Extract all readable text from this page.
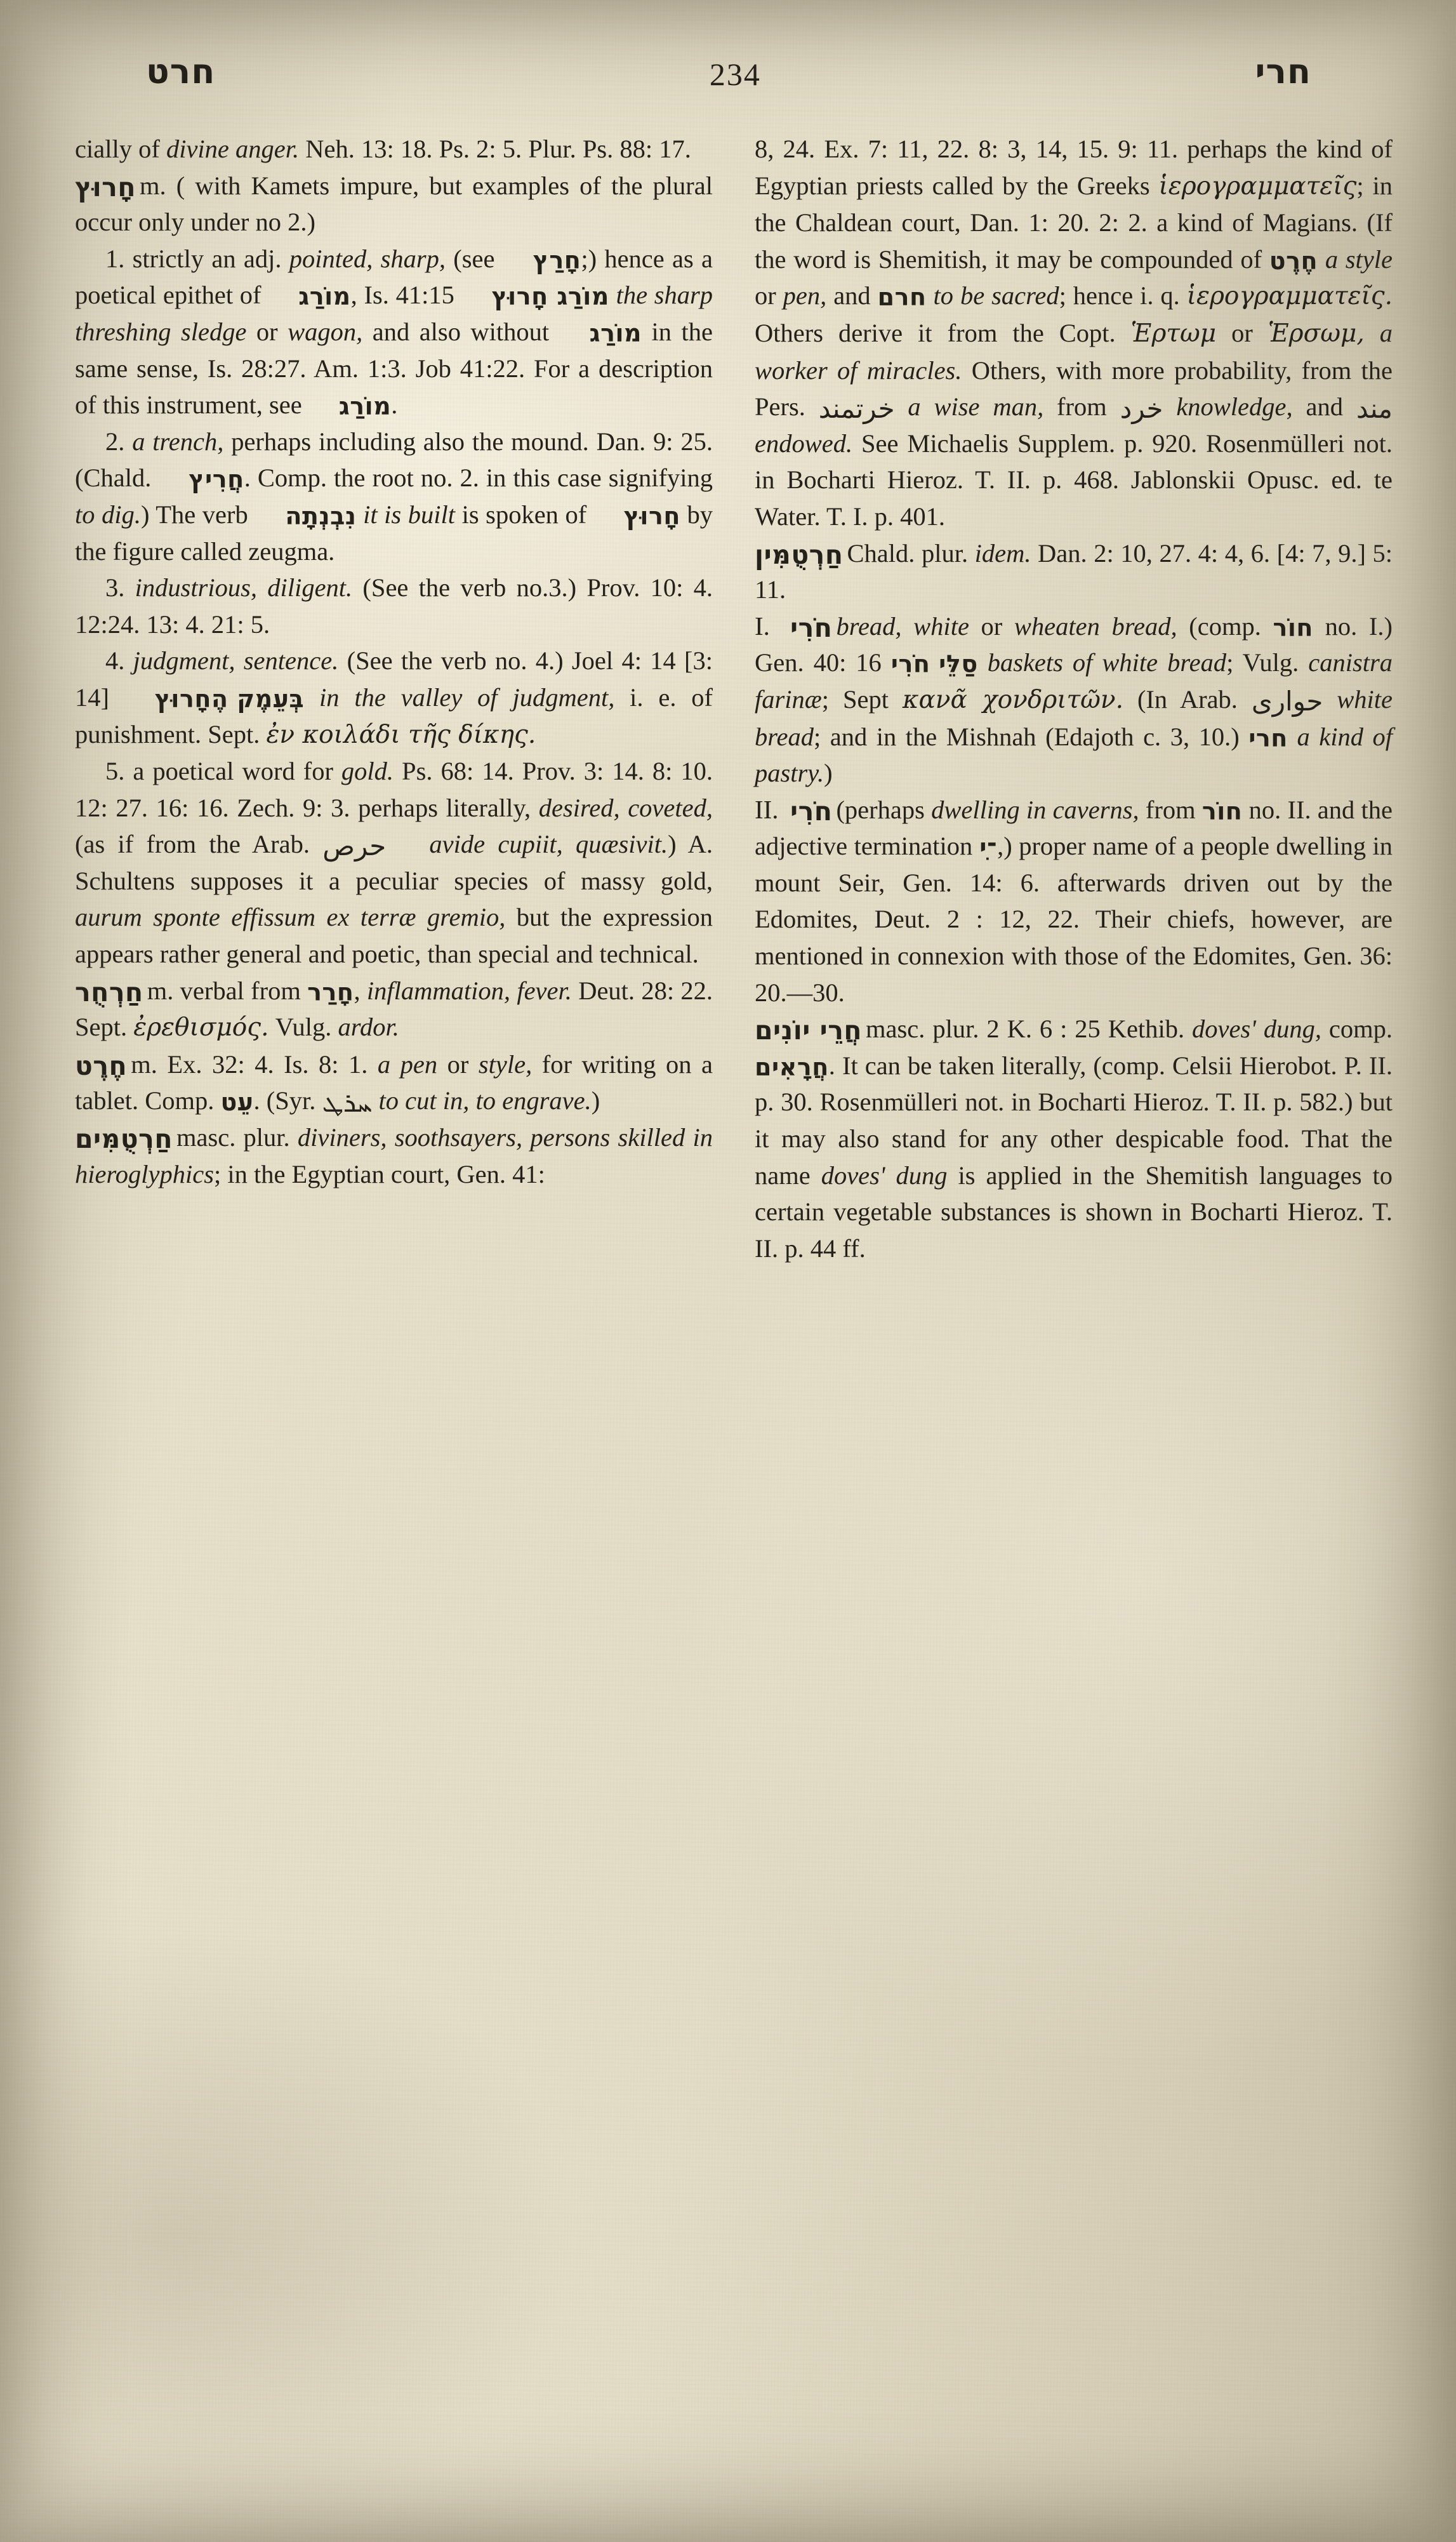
חרט	234	חרי

cially of divine anger. Neh. 13: 18. Ps. 2: 5. Plur. Ps. 88: 17.

חָרוּץ m. ( with Kamets impure, but examples of the plural occur only under no 2.)

1. strictly an adj. pointed, sharp, (see חָרַץ;) hence as a poetical epithet of מוֹרַג, Is. 41:15 מוֹרַג חָרוּץ the sharp threshing sledge or wagon, and also without מוֹרַג in the same sense, Is. 28:27. Am. 1:3. Job 41:22. For a description of this instrument, see מוֹרַג.

2. a trench, perhaps including also the mound. Dan. 9: 25. (Chald. חֲרִיץ. Comp. the root no. 2. in this case signifying to dig.) The verb נִבְנְתָה it is built is spoken of חָרוּץ by the figure called zeugma.

3. industrious, diligent. (See the verb no.3.) Prov. 10: 4. 12:24. 13: 4. 21: 5.

4. judgment, sentence. (See the verb no. 4.) Joel 4: 14 [3: 14] בְּעֵמֶק הֶחָרוּץ in the valley of judgment, i. e. of punishment. Sept. ἐν κοιλάδι τῆς δίκης.

5. a poetical word for gold. Ps. 68: 14. Prov. 3: 14. 8: 10. 12: 27. 16: 16. Zech. 9: 3. perhaps literally, desired, coveted, (as if from the Arab. حرص avide cupiit, quæsivit.) A. Schultens supposes it a peculiar species of massy gold, aurum sponte effissum ex terræ gremio, but the expression appears rather general and poetic, than special and technical.

חַרְחֻר m. verbal from חָרַר, inflammation, fever. Deut. 28: 22. Sept. ἐρεθισμός. Vulg. ardor.

חֶרֶט m. Ex. 32: 4. Is. 8: 1. a pen or style, for writing on a tablet. Comp. עֵט. (Syr. ܚܪܛ to cut in, to engrave.)

חַרְטֻמִּים masc. plur. diviners, soothsayers, persons skilled in hieroglyphics; in the Egyptian court, Gen. 41:

8, 24. Ex. 7: 11, 22. 8: 3, 14, 15. 9: 11. perhaps the kind of Egyptian priests called by the Greeks ἱερογραμματεῖς; in the Chaldean court, Dan. 1: 20. 2: 2. a kind of Magians. (If the word is Shemitish, it may be compounded of חֶרֶט a style or pen, and חרם to be sacred; hence i. q. ἱερογραμματεῖς. Others derive it from the Copt. Ἑρτωμ or Ἑρσωμ, a worker of miracles. Others, with more probability, from the Pers. خرتمند a wise man, from خرد knowledge, and مند endowed. See Michaelis Supplem. p. 920. Rosenmülleri not. in Bocharti Hieroz. T. II. p. 468. Jablonskii Opusc. ed. te Water. T. I. p. 401.

חַרְטֻמִּין Chald. plur. idem. Dan. 2: 10, 27. 4: 4, 6. [4: 7, 9.] 5: 11.

I. חֹרִי bread, white or wheaten bread, (comp. חוֹר no. I.) Gen. 40: 16 סַלֵּי חֹרִי baskets of white bread; Vulg. canistra farinæ; Sept κανᾶ χονδριτῶν. (In Arab. حوارى white bread; and in the Mishnah (Edajoth c. 3, 10.) חרי a kind of pastry.)

II. חֹרִי (perhaps dwelling in caverns, from חוֹר no. II. and the adjective termination ִ־י,) proper name of a people dwelling in mount Seir, Gen. 14: 6. afterwards driven out by the Edomites, Deut. 2 : 12, 22. Their chiefs, however, are mentioned in connexion with those of the Edomites, Gen. 36: 20.—30.

חֲרֵי יוֹנִים masc. plur. 2 K. 6 : 25 Kethib. doves' dung, comp. חֲרָאִים. It can be taken literally, (comp. Celsii Hierobot. P. II. p. 30. Rosenmülleri not. in Bocharti Hieroz. T. II. p. 582.) but it may also stand for any other despicable food. That the name doves' dung is applied in the Shemitish languages to certain vegetable substances is shown in Bocharti Hieroz. T. II. p. 44 ff.
